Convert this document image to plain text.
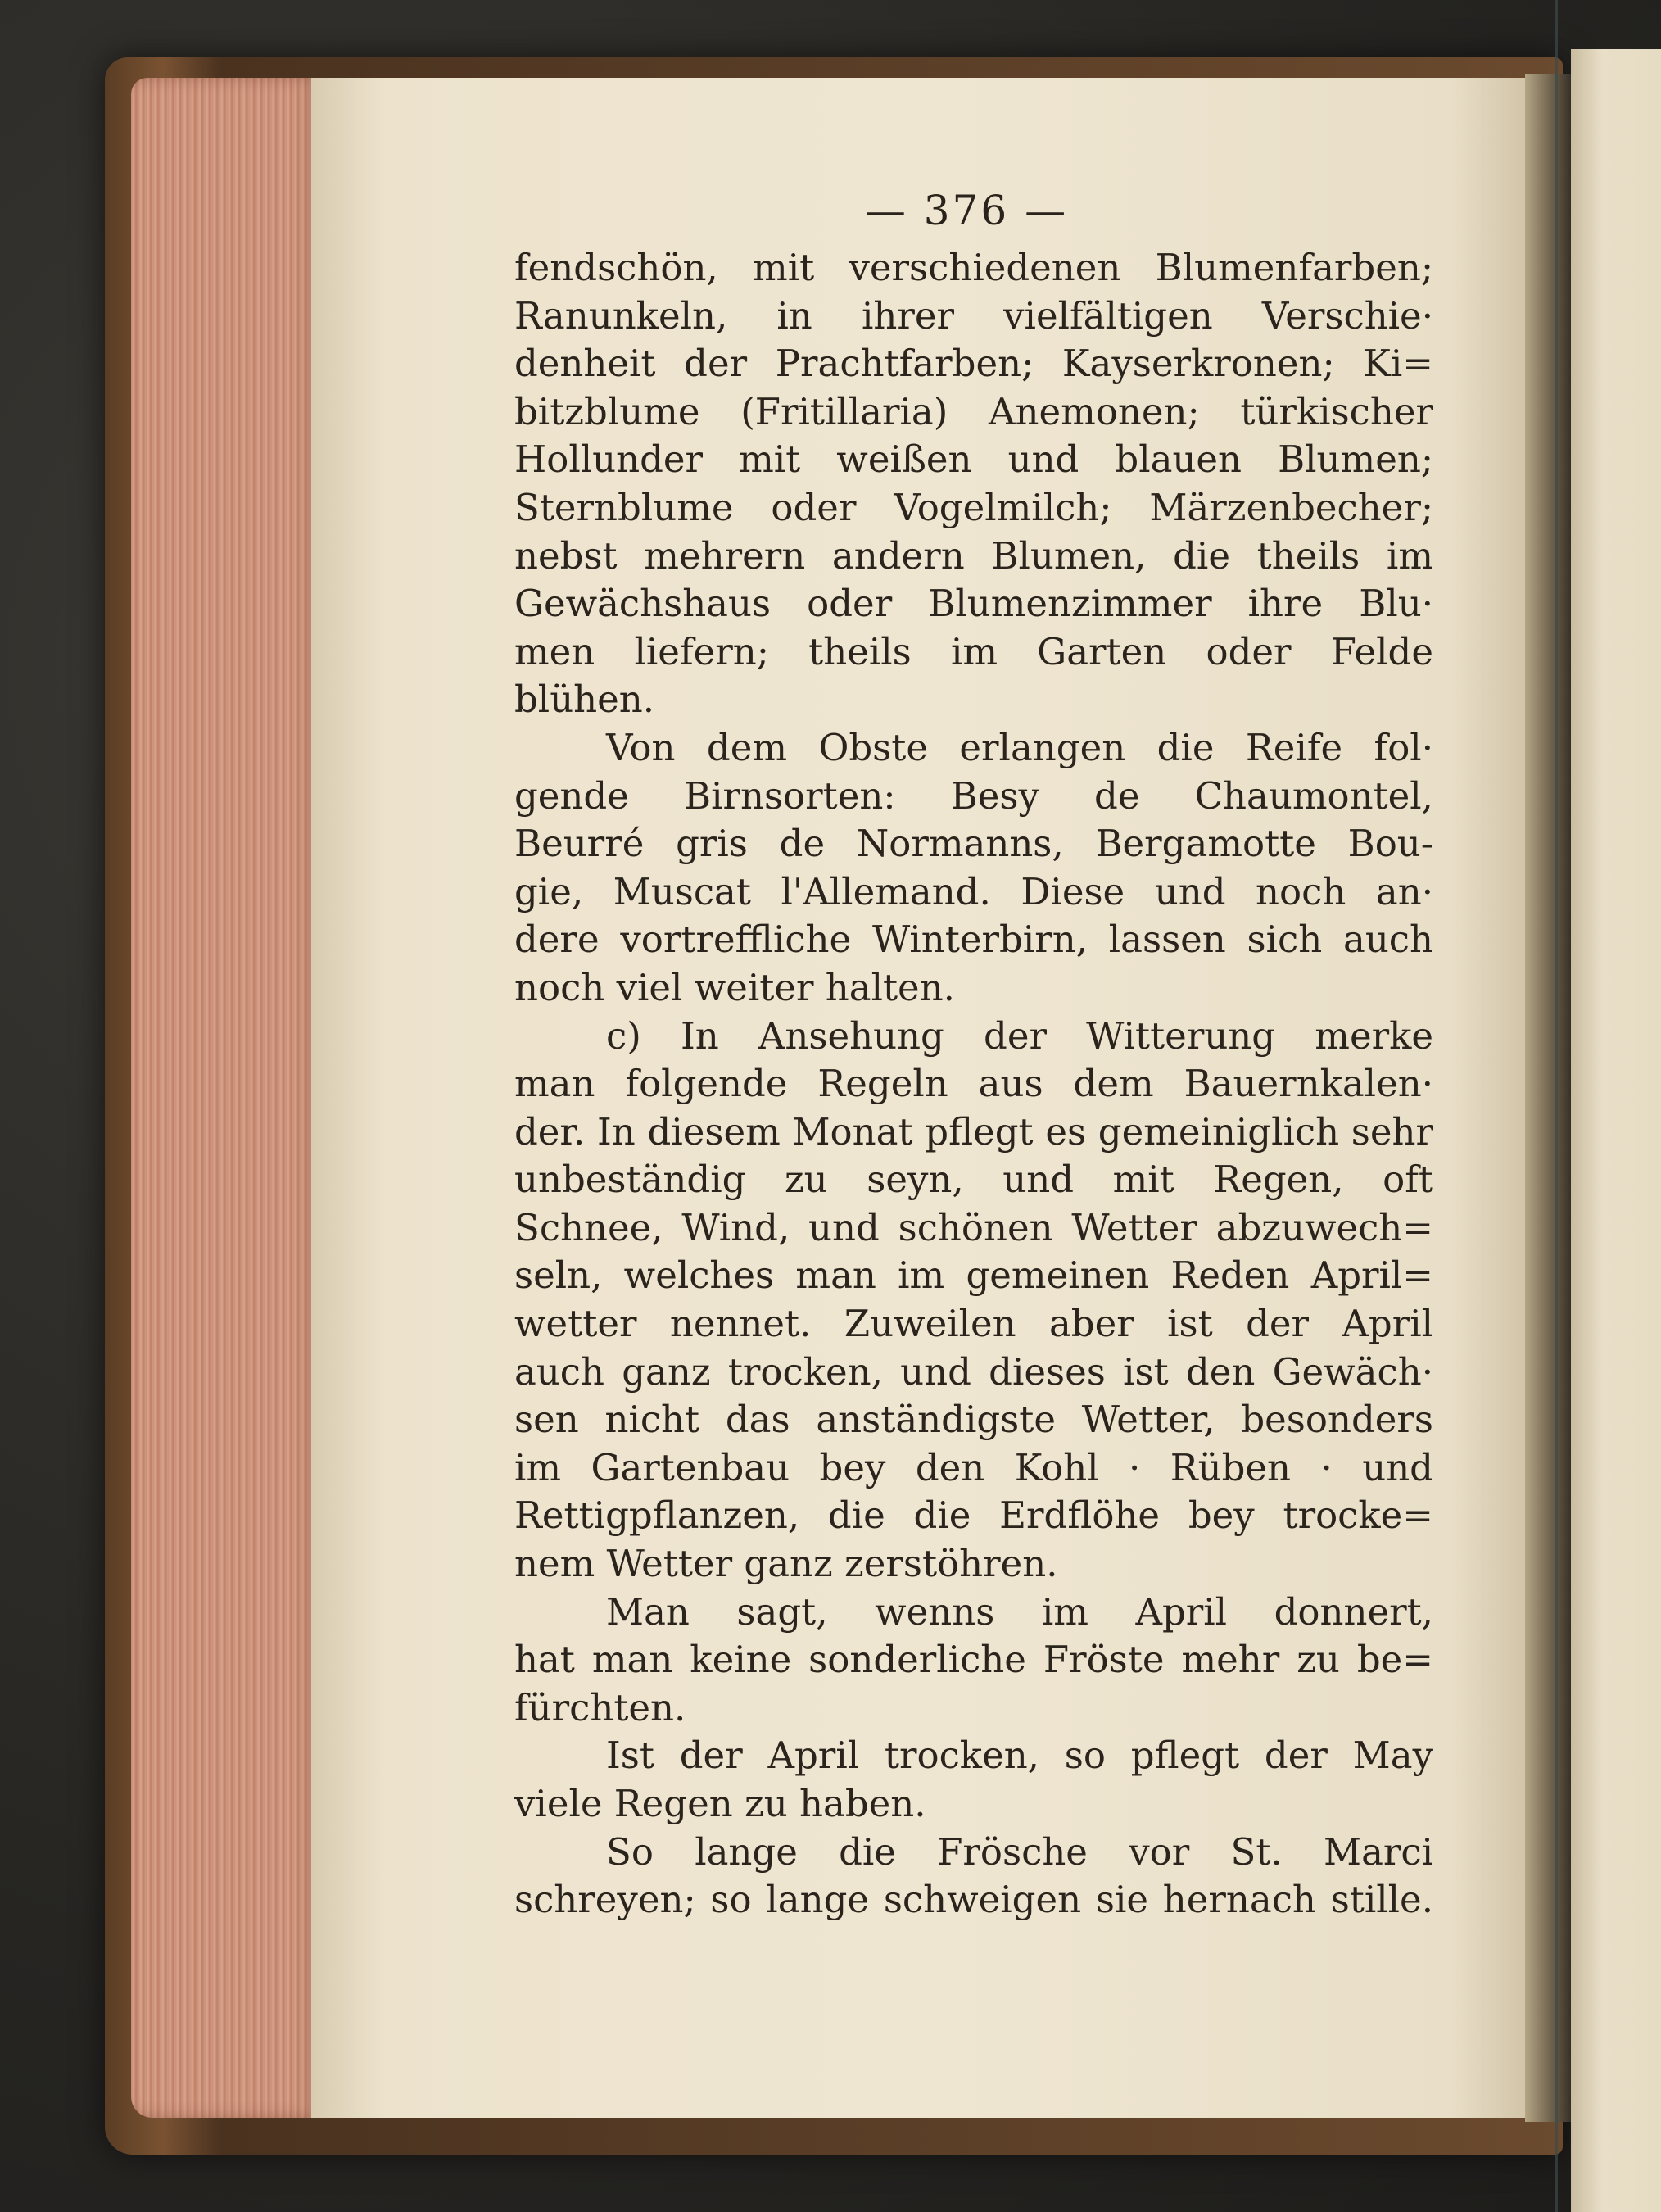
— 376 —
fendschön, mit verschiedenen Blumenfarben;
Ranunkeln, in ihrer vielfältigen Verschie·
denheit der Prachtfarben; Kayserkronen; Ki=
bitzblume (Fritillaria) Anemonen; türkischer
Hollunder mit weißen und blauen Blumen;
Sternblume oder Vogelmilch; Märzenbecher;
nebst mehrern andern Blumen, die theils im
Gewächshaus oder Blumenzimmer ihre Blu·
men liefern; theils im Garten oder Felde
blühen.
Von dem Obste erlangen die Reife fol·
gende Birnsorten: Besy de Chaumontel,
Beurré gris de Normanns, Bergamotte Bou-
gie, Muscat l'Allemand. Diese und noch an·
dere vortreffliche Winterbirn, lassen sich auch
noch viel weiter halten.
c) In Ansehung der Witterung merke
man folgende Regeln aus dem Bauernkalen·
der. In diesem Monat pflegt es gemeiniglich sehr
unbeständig zu seyn, und mit Regen, oft
Schnee, Wind, und schönen Wetter abzuwech=
seln, welches man im gemeinen Reden April=
wetter nennet. Zuweilen aber ist der April
auch ganz trocken, und dieses ist den Gewäch·
sen nicht das anständigste Wetter, besonders
im Gartenbau bey den Kohl · Rüben · und
Rettigpflanzen, die die Erdflöhe bey trocke=
nem Wetter ganz zerstöhren.
Man sagt, wenns im April donnert,
hat man keine sonderliche Fröste mehr zu be=
fürchten.
Ist der April trocken, so pflegt der May
viele Regen zu haben.
So lange die Frösche vor St. Marci
schreyen; so lange schweigen sie hernach stille.
